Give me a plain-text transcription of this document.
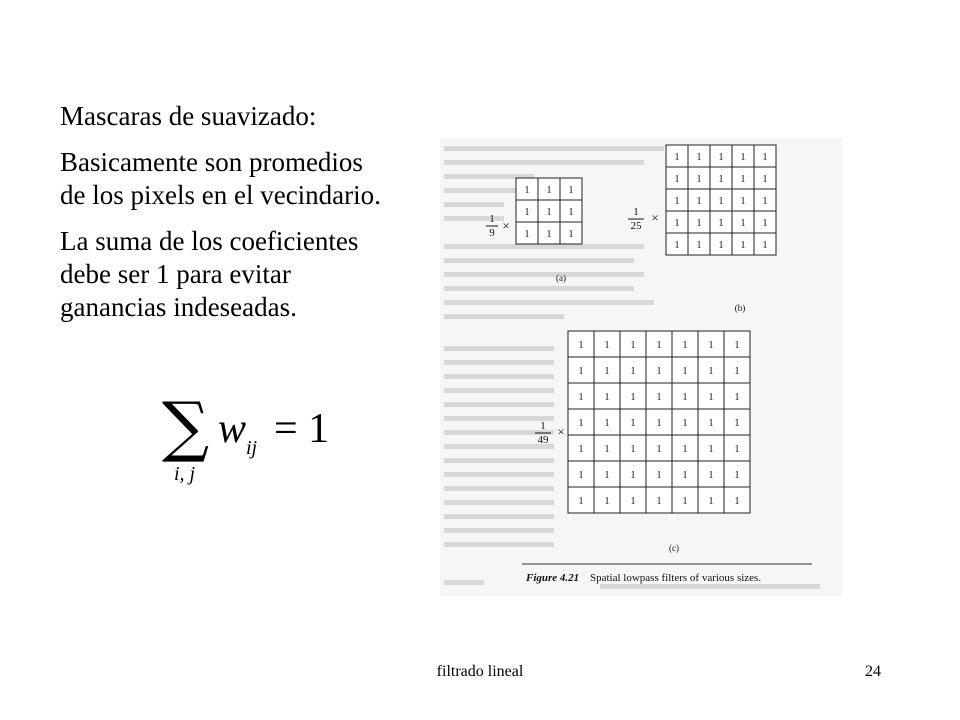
Mascaras de suavizado:

Basicamente son promedios
de los pixels en el vecindario.

La suma de los coeficientes
debe ser 1 para evitar
ganancias indeseadas.

∑ w ij = 1
i, j
1
9 ×
(a)
1
25
×
(b)
1
49
×
(c)
Figure 4.21 Spatial lowpass filters of various sizes.
1 1 1
1 1 1
1 1 1
1 1 1 1 1
1 1 1 1 1
1 1 1 1 1
1 1 1 1 1
1 1 1 1 1
1 1 1 1 1 1 1
1 1 1 1 1 1 1
1 1 1 1 1 1 1
1 1 1 1 1 1 1
1 1 1 1 1 1 1
1 1 1 1 1 1 1
1 1 1 1 1 1 1
filtrado lineal	24
